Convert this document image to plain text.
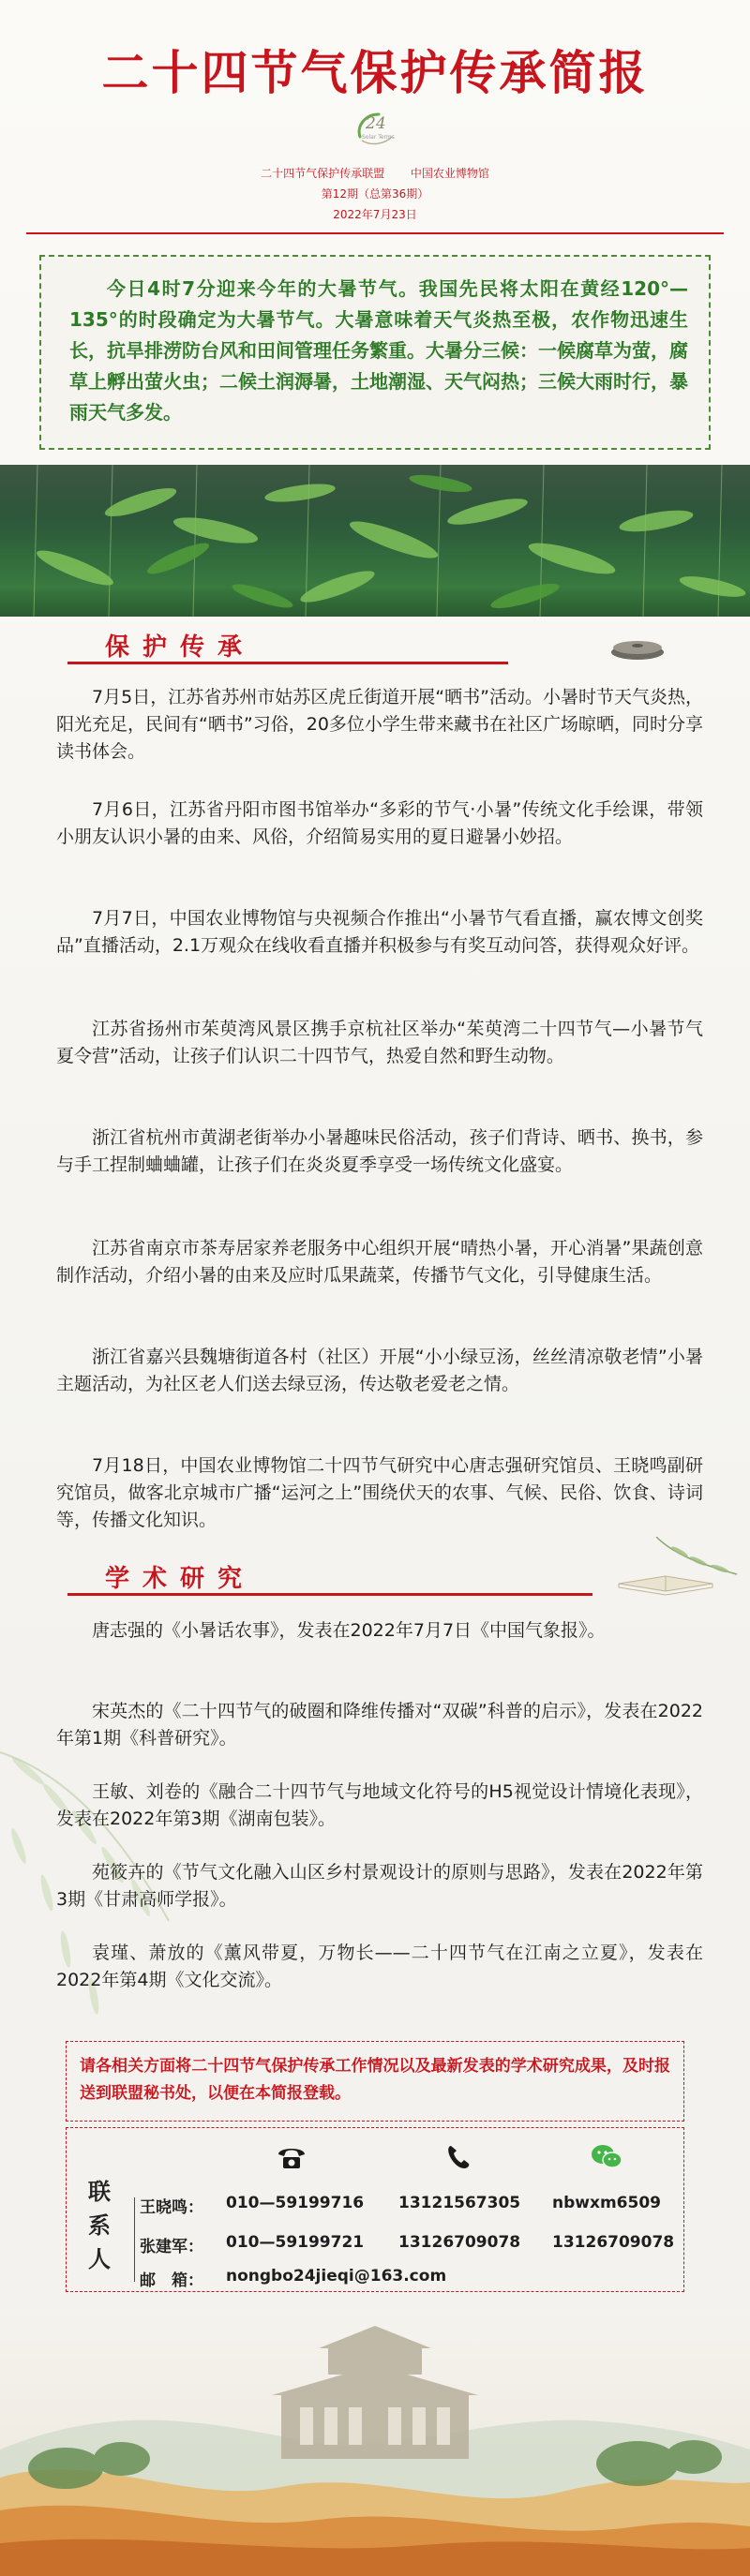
二十四节气保护传承简报
24
Solar Terms
二十四节气保护传承联盟 中国农业博物馆
第12期（总第36期）
2022年7月23日

今日4时7分迎来今年的大暑节气。我国先民将太阳在黄经120°—135°的时段确定为大暑节气。大暑意味着天气炎热至极，农作物迅速生长，抗旱排涝防台风和田间管理任务繁重。大暑分三候：一候腐草为萤，腐草上孵出萤火虫；二候土润溽暑，土地潮湿、天气闷热；三候大雨时行，暴雨天气多发。

保护传承

7月5日，江苏省苏州市姑苏区虎丘街道开展“晒书”活动。小暑时节天气炎热，阳光充足，民间有“晒书”习俗，20多位小学生带来藏书在社区广场晾晒，同时分享读书体会。

7月6日，江苏省丹阳市图书馆举办“多彩的节气·小暑”传统文化手绘课，带领小朋友认识小暑的由来、风俗，介绍简易实用的夏日避暑小妙招。

7月7日，中国农业博物馆与央视频合作推出“小暑节气看直播，赢农博文创奖品”直播活动，2.1万观众在线收看直播并积极参与有奖互动问答，获得观众好评。

江苏省扬州市茱萸湾风景区携手京杭社区举办“茱萸湾二十四节气—小暑节气夏令营”活动，让孩子们认识二十四节气，热爱自然和野生动物。

浙江省杭州市黄湖老街举办小暑趣味民俗活动，孩子们背诗、晒书、换书，参与手工捏制蛐蛐罐，让孩子们在炎炎夏季享受一场传统文化盛宴。

江苏省南京市茶寿居家养老服务中心组织开展“晴热小暑，开心消暑”果蔬创意制作活动，介绍小暑的由来及应时瓜果蔬菜，传播节气文化，引导健康生活。

浙江省嘉兴县魏塘街道各村（社区）开展“小小绿豆汤，丝丝清凉敬老情”小暑主题活动，为社区老人们送去绿豆汤，传达敬老爱老之情。

7月18日，中国农业博物馆二十四节气研究中心唐志强研究馆员、王晓鸣副研究馆员，做客北京城市广播“运河之上”围绕伏天的农事、气候、民俗、饮食、诗词等，传播文化知识。

学术研究

唐志强的《小暑话农事》，发表在2022年7月7日《中国气象报》。

宋英杰的《二十四节气的破圈和降维传播对“双碳”科普的启示》，发表在2022年第1期《科普研究》。

王敏、刘卷的《融合二十四节气与地域文化符号的H5视觉设计情境化表现》，发表在2022年第3期《湖南包装》。

苑筱卉的《节气文化融入山区乡村景观设计的原则与思路》，发表在2022年第3期《甘肃高师学报》。

袁瑾、萧放的《薰风带夏，万物长——二十四节气在江南之立夏》，发表在2022年第4期《文化交流》。

请各相关方面将二十四节气保护传承工作情况以及最新发表的学术研究成果，及时报送到联盟秘书处，以便在本简报登载。

联系人
王晓鸣： 010—59199716 13121567305 nbwxm6509
张建军： 010—59199721 13126709078 13126709078
邮　箱： nongbo24jieqi@163.com
